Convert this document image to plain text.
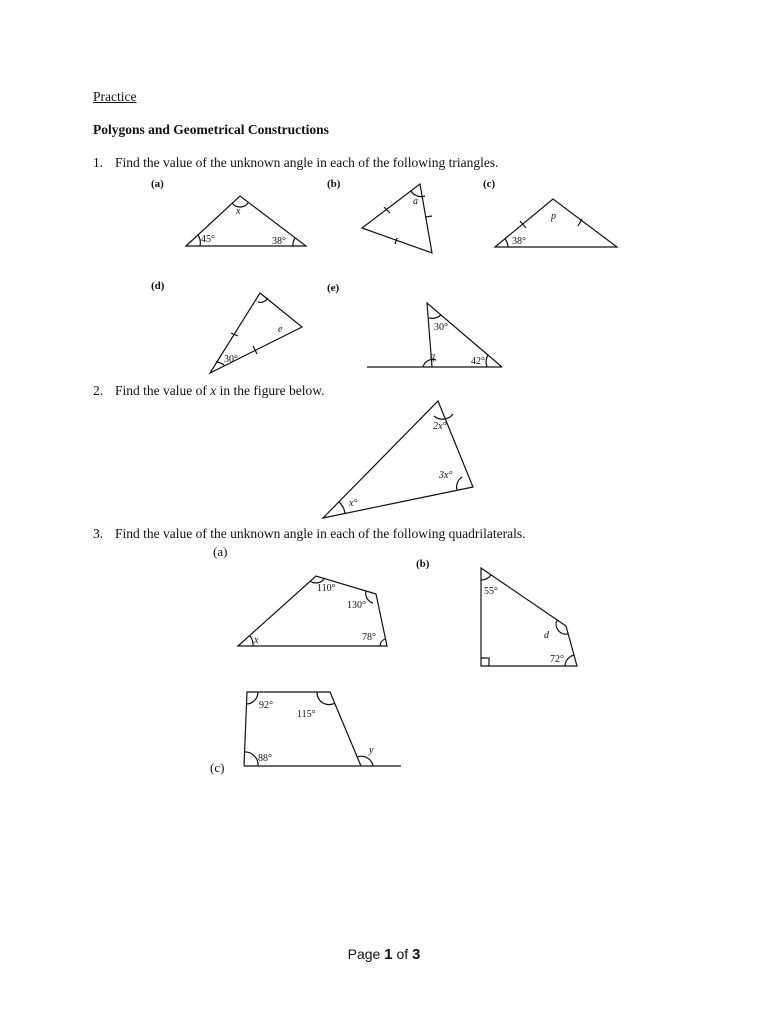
Practice
Polygons and Geometrical Constructions
1. Find the value of the unknown angle in each of the following triangles.
2. Find the value of x in the figure below.
3. Find the value of the unknown angle in each of the following quadrilaterals.
(a)	(b)	(c)
(d)	(e)
x
45°	38°
a
p
38°
e
30°
30°
q	42°
2x°
3x°
x°
(a)
(b)
(c)
110°
130°
78°
x
55°
d
72°
92°
115°
88°
y
Page 1 of 3
